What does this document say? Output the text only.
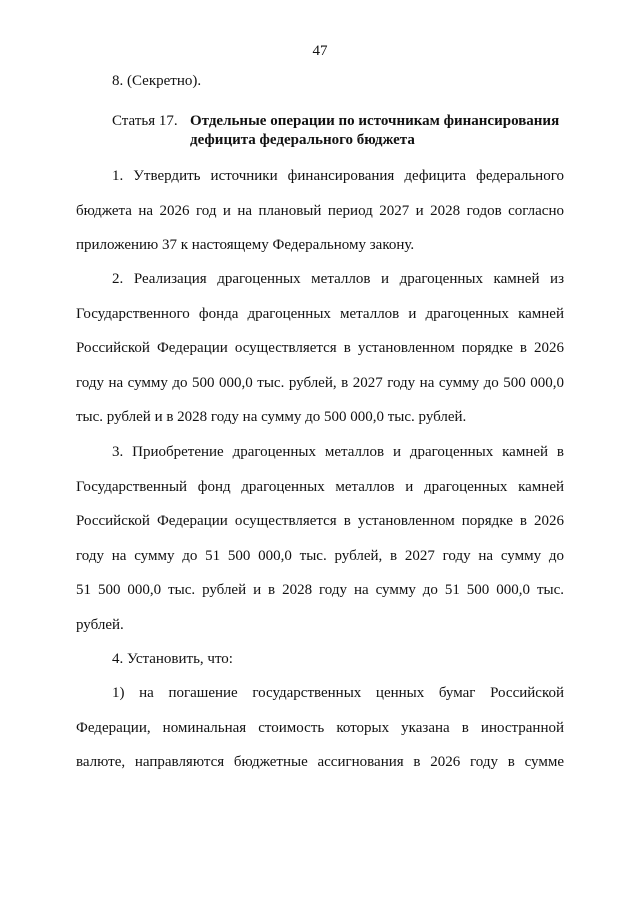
47
8. (Секретно).
Статья 17. Отдельные операции по источникам финансирования
дефицита федерального бюджета
1. Утвердить источники финансирования дефицита федерального
бюджета на 2026 год и на плановый период 2027 и 2028 годов согласно
приложению 37 к настоящему Федеральному закону.
2. Реализация драгоценных металлов и драгоценных камней из
Государственного фонда драгоценных металлов и драгоценных камней
Российской Федерации осуществляется в установленном порядке в 2026
году на сумму до 500 000,0 тыс. рублей, в 2027 году на сумму до 500 000,0
тыс. рублей и в 2028 году на сумму до 500 000,0 тыс. рублей.
3. Приобретение драгоценных металлов и драгоценных камней в
Государственный фонд драгоценных металлов и драгоценных камней
Российской Федерации осуществляется в установленном порядке в 2026
году на сумму до 51 500 000,0 тыс. рублей, в 2027 году на сумму до
51 500 000,0 тыс. рублей и в 2028 году на сумму до 51 500 000,0 тыс.
рублей.
4. Установить, что:
1) на погашение государственных ценных бумаг Российской
Федерации, номинальная стоимость которых указана в иностранной
валюте, направляются бюджетные ассигнования в 2026 году в сумме
